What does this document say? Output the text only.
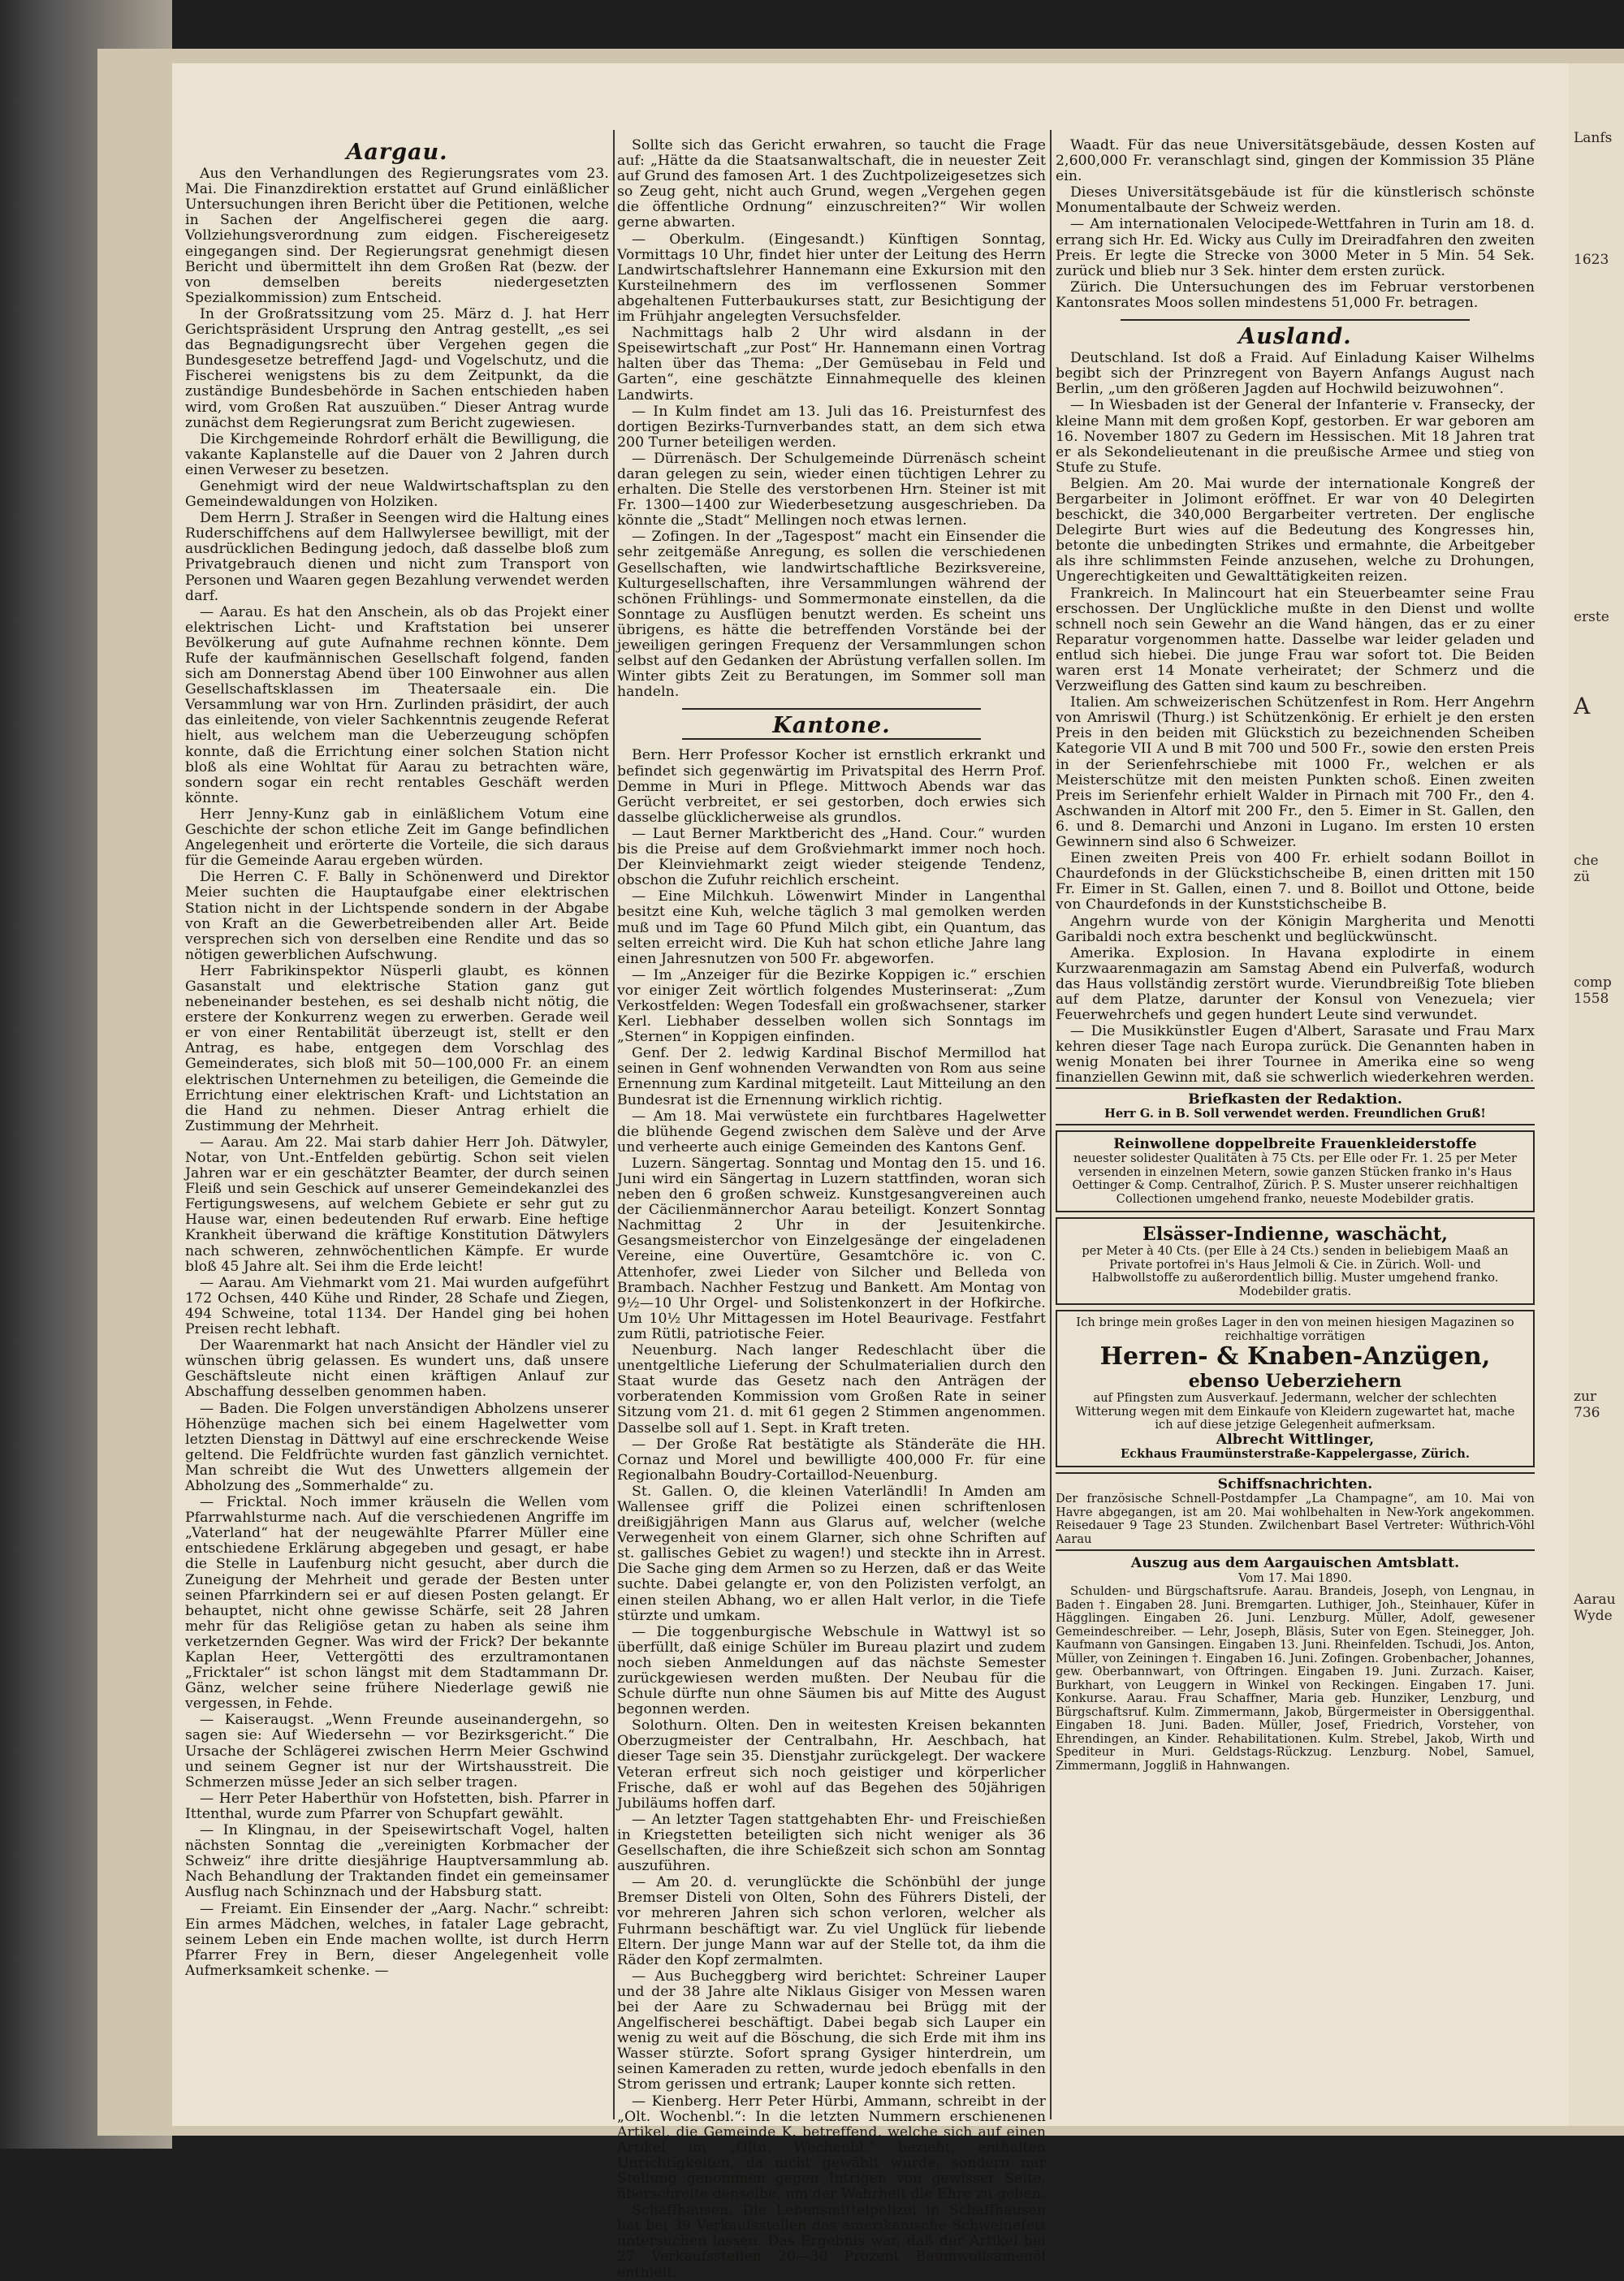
Aargau.

Aus den Verhandlungen des Regierungsrates vom 23. Mai. Die Finanzdirektion erstattet auf Grund einläßlicher Untersuchungen ihren Bericht über die Petitionen, welche in Sachen der Angelfischerei gegen die aarg. Vollziehungsverordnung zum eidgen. Fischereigesetz eingegangen sind. Der Regierungsrat genehmigt diesen Bericht und übermittelt ihn dem Großen Rat (bezw. der von demselben bereits niedergesetzten Spezialkommission) zum Entscheid.

In der Großratssitzung vom 25. März d. J. hat Herr Gerichtspräsident Ursprung den Antrag gestellt, „es sei das Begnadigungsrecht über Vergehen gegen die Bundesgesetze betreffend Jagd- und Vogelschutz, und die Fischerei wenigstens bis zu dem Zeitpunkt, da die zuständige Bundesbehörde in Sachen entschieden haben wird, vom Großen Rat auszuüben.“ Dieser Antrag wurde zunächst dem Regierungsrat zum Bericht zugewiesen.

Die Kirchgemeinde Rohrdorf erhält die Bewilligung, die vakante Kaplanstelle auf die Dauer von 2 Jahren durch einen Verweser zu besetzen.

Genehmigt wird der neue Waldwirtschaftsplan zu den Gemeindewaldungen von Holziken.

Dem Herrn J. Straßer in Seengen wird die Haltung eines Ruderschiffchens auf dem Hallwylersee bewilligt, mit der ausdrücklichen Bedingung jedoch, daß dasselbe bloß zum Privatgebrauch dienen und nicht zum Transport von Personen und Waaren gegen Bezahlung verwendet werden darf.

— Aarau. Es hat den Anschein, als ob das Projekt einer elektrischen Licht- und Kraftstation bei unserer Bevölkerung auf gute Aufnahme rechnen könnte. Dem Rufe der kaufmännischen Gesellschaft folgend, fanden sich am Donnerstag Abend über 100 Einwohner aus allen Gesellschaftsklassen im Theatersaale ein. Die Versammlung war von Hrn. Zurlinden präsidirt, der auch das einleitende, von vieler Sachkenntnis zeugende Referat hielt, aus welchem man die Ueberzeugung schöpfen konnte, daß die Errichtung einer solchen Station nicht bloß als eine Wohltat für Aarau zu betrachten wäre, sondern sogar ein recht rentables Geschäft werden könnte.

Herr Jenny-Kunz gab in einläßlichem Votum eine Geschichte der schon etliche Zeit im Gange befindlichen Angelegenheit und erörterte die Vorteile, die sich daraus für die Gemeinde Aarau ergeben würden.

Die Herren C. F. Bally in Schönenwerd und Direktor Meier suchten die Hauptaufgabe einer elektrischen Station nicht in der Lichtspende sondern in der Abgabe von Kraft an die Gewerbetreibenden aller Art. Beide versprechen sich von derselben eine Rendite und das so nötigen gewerblichen Aufschwung.

Herr Fabrikinspektor Nüsperli glaubt, es können Gasanstalt und elektrische Station ganz gut nebeneinander bestehen, es sei deshalb nicht nötig, die erstere der Konkurrenz wegen zu erwerben. Gerade weil er von einer Rentabilität überzeugt ist, stellt er den Antrag, es habe, entgegen dem Vorschlag des Gemeinderates, sich bloß mit 50—100,000 Fr. an einem elektrischen Unternehmen zu beteiligen, die Gemeinde die Errichtung einer elektrischen Kraft- und Lichtstation an die Hand zu nehmen. Dieser Antrag erhielt die Zustimmung der Mehrheit.

— Aarau. Am 22. Mai starb dahier Herr Joh. Dätwyler, Notar, von Unt.-Entfelden gebürtig. Schon seit vielen Jahren war er ein geschätzter Beamter, der durch seinen Fleiß und sein Geschick auf unserer Gemeindekanzlei des Fertigungswesens, auf welchem Gebiete er sehr gut zu Hause war, einen bedeutenden Ruf erwarb. Eine heftige Krankheit überwand die kräftige Konstitution Dätwylers nach schweren, zehnwöchentlichen Kämpfe. Er wurde bloß 45 Jahre alt. Sei ihm die Erde leicht!

— Aarau. Am Viehmarkt vom 21. Mai wurden aufgeführt 172 Ochsen, 440 Kühe und Rinder, 28 Schafe und Ziegen, 494 Schweine, total 1134. Der Handel ging bei hohen Preisen recht lebhaft.

Der Waarenmarkt hat nach Ansicht der Händler viel zu wünschen übrig gelassen. Es wundert uns, daß unsere Geschäftsleute nicht einen kräftigen Anlauf zur Abschaffung desselben genommen haben.

— Baden. Die Folgen unverständigen Abholzens unserer Höhenzüge machen sich bei einem Hagelwetter vom letzten Dienstag in Dättwyl auf eine erschreckende Weise geltend. Die Feldfrüchte wurden fast gänzlich vernichtet. Man schreibt die Wut des Unwetters allgemein der Abholzung des „Sommerhalde“ zu.

— Fricktal. Noch immer kräuseln die Wellen vom Pfarrwahlsturme nach. Auf die verschiedenen Angriffe im „Vaterland“ hat der neugewählte Pfarrer Müller eine entschiedene Erklärung abgegeben und gesagt, er habe die Stelle in Laufenburg nicht gesucht, aber durch die Zuneigung der Mehrheit und gerade der Besten unter seinen Pfarrkindern sei er auf diesen Posten gelangt. Er behauptet, nicht ohne gewisse Schärfe, seit 28 Jahren mehr für das Religiöse getan zu haben als seine ihm verketzernden Gegner. Was wird der Frick? Der bekannte Kaplan Heer, Vettergötti des erzultramontanen „Fricktaler“ ist schon längst mit dem Stadtammann Dr. Gänz, welcher seine frühere Niederlage gewiß nie vergessen, in Fehde.

— Kaiseraugst. „Wenn Freunde auseinandergehn, so sagen sie: Auf Wiedersehn — vor Bezirksgericht.“ Die Ursache der Schlägerei zwischen Herrn Meier Gschwind und seinem Gegner ist nur der Wirtshausstreit. Die Schmerzen müsse Jeder an sich selber tragen.

— Herr Peter Haberthür von Hofstetten, bish. Pfarrer in Ittenthal, wurde zum Pfarrer von Schupfart gewählt.

— In Klingnau, in der Speisewirtschaft Vogel, halten nächsten Sonntag die „vereinigten Korbmacher der Schweiz“ ihre dritte diesjährige Hauptversammlung ab. Nach Behandlung der Traktanden findet ein gemeinsamer Ausflug nach Schinznach und der Habsburg statt.

— Freiamt. Ein Einsender der „Aarg. Nachr.“ schreibt: Ein armes Mädchen, welches, in fataler Lage gebracht, seinem Leben ein Ende machen wollte, ist durch Herrn Pfarrer Frey in Bern, dieser Angelegenheit volle Aufmerksamkeit schenke. —

Sollte sich das Gericht erwahren, so taucht die Frage auf: „Hätte da die Staatsanwaltschaft, die in neuester Zeit auf Grund des famosen Art. 1 des Zuchtpolizeigesetzes sich so Zeug geht, nicht auch Grund, wegen „Vergehen gegen die öffentliche Ordnung“ einzuschreiten?“ Wir wollen gerne abwarten.

— Oberkulm. (Eingesandt.) Künftigen Sonntag, Vormittags 10 Uhr, findet hier unter der Leitung des Herrn Landwirtschaftslehrer Hannemann eine Exkursion mit den Kursteilnehmern des im verflossenen Sommer abgehaltenen Futterbaukurses statt, zur Besichtigung der im Frühjahr angelegten Versuchsfelder.

Nachmittags halb 2 Uhr wird alsdann in der Speisewirtschaft „zur Post“ Hr. Hannemann einen Vortrag halten über das Thema: „Der Gemüsebau in Feld und Garten“, eine geschätzte Einnahmequelle des kleinen Landwirts.

— In Kulm findet am 13. Juli das 16. Preisturnfest des dortigen Bezirks-Turnverbandes statt, an dem sich etwa 200 Turner beteiligen werden.

— Dürrenäsch. Der Schulgemeinde Dürrenäsch scheint daran gelegen zu sein, wieder einen tüchtigen Lehrer zu erhalten. Die Stelle des verstorbenen Hrn. Steiner ist mit Fr. 1300—1400 zur Wiederbesetzung ausgeschrieben. Da könnte die „Stadt“ Mellingen noch etwas lernen.

— Zofingen. In der „Tagespost“ macht ein Einsender die sehr zeitgemäße Anregung, es sollen die verschiedenen Gesellschaften, wie landwirtschaftliche Bezirksvereine, Kulturgesellschaften, ihre Versammlungen während der schönen Frühlings- und Sommermonate einstellen, da die Sonntage zu Ausflügen benutzt werden. Es scheint uns übrigens, es hätte die betreffenden Vorstände bei der jeweiligen geringen Frequenz der Versammlungen schon selbst auf den Gedanken der Abrüstung verfallen sollen. Im Winter gibts Zeit zu Beratungen, im Sommer soll man handeln.

Kantone.

Bern. Herr Professor Kocher ist ernstlich erkrankt und befindet sich gegenwärtig im Privatspital des Herrn Prof. Demme in Muri in Pflege. Mittwoch Abends war das Gerücht verbreitet, er sei gestorben, doch erwies sich dasselbe glücklicherweise als grundlos.

— Laut Berner Marktbericht des „Hand. Cour.“ wurden bis die Preise auf dem Großviehmarkt immer noch hoch. Der Kleinviehmarkt zeigt wieder steigende Tendenz, obschon die Zufuhr reichlich erscheint.

— Eine Milchkuh. Löwenwirt Minder in Langenthal besitzt eine Kuh, welche täglich 3 mal gemolken werden muß und im Tage 60 Pfund Milch gibt, ein Quantum, das selten erreicht wird. Die Kuh hat schon etliche Jahre lang einen Jahresnutzen von 500 Fr. abgeworfen.

— Im „Anzeiger für die Bezirke Koppigen ic.“ erschien vor einiger Zeit wörtlich folgendes Musterinserat: „Zum Verkostfelden: Wegen Todesfall ein großwachsener, starker Kerl. Liebhaber desselben wollen sich Sonntags im „Sternen“ in Koppigen einfinden.

Genf. Der 2. ledwig Kardinal Bischof Mermillod hat seinen in Genf wohnenden Verwandten von Rom aus seine Ernennung zum Kardinal mitgeteilt. Laut Mitteilung an den Bundesrat ist die Ernennung wirklich richtig.

— Am 18. Mai verwüstete ein furchtbares Hagelwetter die blühende Gegend zwischen dem Salève und der Arve und verheerte auch einige Gemeinden des Kantons Genf.

Luzern. Sängertag. Sonntag und Montag den 15. und 16. Juni wird ein Sängertag in Luzern stattfinden, woran sich neben den 6 großen schweiz. Kunstgesangvereinen auch der Cäcilienmännerchor Aarau beteiligt. Konzert Sonntag Nachmittag 2 Uhr in der Jesuitenkirche. Gesangsmeisterchor von Einzelgesänge der eingeladenen Vereine, eine Ouvertüre, Gesamtchöre ic. von C. Attenhofer, zwei Lieder von Silcher und Belleda von Brambach. Nachher Festzug und Bankett. Am Montag von 9½—10 Uhr Orgel- und Solistenkonzert in der Hofkirche. Um 10½ Uhr Mittagessen im Hotel Beaurivage. Festfahrt zum Rütli, patriotische Feier.

Neuenburg. Nach langer Redeschlacht über die unentgeltliche Lieferung der Schulmaterialien durch den Staat wurde das Gesetz nach den Anträgen der vorberatenden Kommission vom Großen Rate in seiner Sitzung vom 21. d. mit 61 gegen 2 Stimmen angenommen. Dasselbe soll auf 1. Sept. in Kraft treten.

— Der Große Rat bestätigte als Ständeräte die HH. Cornaz und Morel und bewilligte 400,000 Fr. für eine Regionalbahn Boudry-Cortaillod-Neuenburg.

St. Gallen. O, die kleinen Vaterländli! In Amden am Wallensee griff die Polizei einen schriftenlosen dreißigjährigen Mann aus Glarus auf, welcher (welche Verwegenheit von einem Glarner, sich ohne Schriften auf st. gallisches Gebiet zu wagen!) und steckte ihn in Arrest. Die Sache ging dem Armen so zu Herzen, daß er das Weite suchte. Dabei gelangte er, von den Polizisten verfolgt, an einen steilen Abhang, wo er allen Halt verlor, in die Tiefe stürzte und umkam.

— Die toggenburgische Webschule in Wattwyl ist so überfüllt, daß einige Schüler im Bureau plazirt und zudem noch sieben Anmeldungen auf das nächste Semester zurückgewiesen werden mußten. Der Neubau für die Schule dürfte nun ohne Säumen bis auf Mitte des August begonnen werden.

Solothurn. Olten. Den in weitesten Kreisen bekannten Oberzugmeister der Centralbahn, Hr. Aeschbach, hat dieser Tage sein 35. Dienstjahr zurückgelegt. Der wackere Veteran erfreut sich noch geistiger und körperlicher Frische, daß er wohl auf das Begehen des 50jährigen Jubiläums hoffen darf.

— An letzter Tagen stattgehabten Ehr- und Freischießen in Kriegstetten beteiligten sich nicht weniger als 36 Gesellschaften, die ihre Schießzeit sich schon am Sonntag auszuführen.

— Am 20. d. verunglückte die Schönbühl der junge Bremser Disteli von Olten, Sohn des Führers Disteli, der vor mehreren Jahren sich schon verloren, welcher als Fuhrmann beschäftigt war. Zu viel Unglück für liebende Eltern. Der junge Mann war auf der Stelle tot, da ihm die Räder den Kopf zermalmten.

— Aus Bucheggberg wird berichtet: Schreiner Lauper und der 38 Jahre alte Niklaus Gisiger von Messen waren bei der Aare zu Schwadernau bei Brügg mit der Angelfischerei beschäftigt. Dabei begab sich Lauper ein wenig zu weit auf die Böschung, die sich Erde mit ihm ins Wasser stürzte. Sofort sprang Gysiger hinterdrein, um seinen Kameraden zu retten, wurde jedoch ebenfalls in den Strom gerissen und ertrank; Lauper konnte sich retten.

— Kienberg. Herr Peter Hürbi, Ammann, schreibt in der „Olt. Wochenbl.“: In die letzten Nummern erschienenen Artikel, die Gemeinde K. betreffend, welche sich auf einen Artikel im „Oltn. Wochenbl.“ bezieht, enthalten Unrichtigkeiten, da nicht gewählt wurde, sondern nur Stellung genommen gegen Intrigen von gewisser Seite, überschreite denselbe, um der Wahrheit die Ehre zu geben.

Schaffhausen. Die Lebensmittelpolizei in Schaffhausen hat bei 39 Verkaufsstellen das amerikanische Schweinefett untersuchen lassen. Das Ergebnis war, daß der Artikel bei 27 Verkaufsstellen 20—30 Prozent Baumwollsamenöl enthielt.

Waadt. Für das neue Universitätsgebäude, dessen Kosten auf 2,600,000 Fr. veranschlagt sind, gingen der Kommission 35 Pläne ein.

Dieses Universitätsgebäude ist für die künstlerisch schönste Monumentalbaute der Schweiz werden.

— Am internationalen Velocipede-Wettfahren in Turin am 18. d. errang sich Hr. Ed. Wicky aus Cully im Dreiradfahren den zweiten Preis. Er legte die Strecke von 3000 Meter in 5 Min. 54 Sek. zurück und blieb nur 3 Sek. hinter dem ersten zurück.

Zürich. Die Untersuchungen des im Februar verstorbenen Kantonsrates Moos sollen mindestens 51,000 Fr. betragen.

Ausland.

Deutschland. Ist doß a Fraid. Auf Einladung Kaiser Wilhelms begibt sich der Prinzregent von Bayern Anfangs August nach Berlin, „um den größeren Jagden auf Hochwild beizuwohnen“.

— In Wiesbaden ist der General der Infanterie v. Fransecky, der kleine Mann mit dem großen Kopf, gestorben. Er war geboren am 16. November 1807 zu Gedern im Hessischen. Mit 18 Jahren trat er als Sekondelieutenant in die preußische Armee und stieg von Stufe zu Stufe.

Belgien. Am 20. Mai wurde der internationale Kongreß der Bergarbeiter in Jolimont eröffnet. Er war von 40 Delegirten beschickt, die 340,000 Bergarbeiter vertreten. Der englische Delegirte Burt wies auf die Bedeutung des Kongresses hin, betonte die unbedingten Strikes und ermahnte, die Arbeitgeber als ihre schlimmsten Feinde anzusehen, welche zu Drohungen, Ungerechtigkeiten und Gewalttätigkeiten reizen.

Frankreich. In Malincourt hat ein Steuerbeamter seine Frau erschossen. Der Unglückliche mußte in den Dienst und wollte schnell noch sein Gewehr an die Wand hängen, das er zu einer Reparatur vorgenommen hatte. Dasselbe war leider geladen und entlud sich hiebei. Die junge Frau war sofort tot. Die Beiden waren erst 14 Monate verheiratet; der Schmerz und die Verzweiflung des Gatten sind kaum zu beschreiben.

Italien. Am schweizerischen Schützenfest in Rom. Herr Angehrn von Amriswil (Thurg.) ist Schützenkönig. Er erhielt je den ersten Preis in den beiden mit Glückstich zu bezeichnenden Scheiben Kategorie VII A und B mit 700 und 500 Fr., sowie den ersten Preis in der Serienfehrschiebe mit 1000 Fr., welchen er als Meisterschütze mit den meisten Punkten schoß. Einen zweiten Preis im Serienfehr erhielt Walder in Pirnach mit 700 Fr., den 4. Aschwanden in Altorf mit 200 Fr., den 5. Eimer in St. Gallen, den 6. und 8. Demarchi und Anzoni in Lugano. Im ersten 10 ersten Gewinnern sind also 6 Schweizer.

Einen zweiten Preis von 400 Fr. erhielt sodann Boillot in Chaurdefonds in der Glückstichscheibe B, einen dritten mit 150 Fr. Eimer in St. Gallen, einen 7. und 8. Boillot und Ottone, beide von Chaurdefonds in der Kunststichscheibe B.

Angehrn wurde von der Königin Margherita und Menotti Garibaldi noch extra beschenkt und beglückwünscht.

Amerika. Explosion. In Havana explodirte in einem Kurzwaarenmagazin am Samstag Abend ein Pulverfaß, wodurch das Haus vollständig zerstört wurde. Vierundbreißig Tote blieben auf dem Platze, darunter der Konsul von Venezuela; vier Feuerwehrchefs und gegen hundert Leute sind verwundet.

— Die Musikkünstler Eugen d'Albert, Sarasate und Frau Marx kehren dieser Tage nach Europa zurück. Die Genannten haben in wenig Monaten bei ihrer Tournee in Amerika eine so weng finanziellen Gewinn mit, daß sie schwerlich wiederkehren werden.

Briefkasten der Redaktion.
Herr G. in B. Soll verwendet werden. Freundlichen Gruß!
Reinwollene doppelbreite Frauenkleiderstoffe
neuester solidester Qualitäten à 75 Cts. per Elle oder Fr. 1. 25 per Meter versenden in einzelnen Metern, sowie ganzen Stücken franko in's Haus Oettinger & Comp. Centralhof, Zürich. P. S. Muster unserer reichhaltigen Collectionen umgehend franko, neueste Modebilder gratis.
Elsässer-Indienne, waschächt,
per Meter à 40 Cts. (per Elle à 24 Cts.) senden in beliebigem Maaß an Private portofrei in's Haus Jelmoli & Cie. in Zürich. Woll- und Halbwollstoffe zu außerordentlich billig. Muster umgehend franko. Modebilder gratis.
Ich bringe mein großes Lager in den von meinen hiesigen Magazinen so reichhaltige vorrätigen
Herren- & Knaben-Anzügen,
ebenso Ueberziehern
auf Pfingsten zum Ausverkauf. Jedermann, welcher der schlechten Witterung wegen mit dem Einkaufe von Kleidern zugewartet hat, mache ich auf diese jetzige Gelegenheit aufmerksam.
Albrecht Wittlinger,
Eckhaus Fraumünsterstraße-Kappelergasse, Zürich.
Schiffsnachrichten.
Der französische Schnell-Postdampfer „La Champagne“, am 10. Mai von Havre abgegangen, ist am 20. Mai wohlbehalten in New-York angekommen. Reisedauer 9 Tage 23 Stunden. Zwilchenbart Basel Vertreter: Wüthrich-Vöhl Aarau
Auszug aus dem Aargauischen Amtsblatt.
Vom 17. Mai 1890.

Schulden- und Bürgschaftsrufe. Aarau. Brandeis, Joseph, von Lengnau, in Baden †. Eingaben 28. Juni. Bremgarten. Luthiger, Joh., Steinhauer, Küfer in Hägglingen. Eingaben 26. Juni. Lenzburg. Müller, Adolf, gewesener Gemeindeschreiber. — Lehr, Joseph, Bläsis, Suter von Egen. Steinegger, Joh. Kaufmann von Gansingen. Eingaben 13. Juni. Rheinfelden. Tschudi, Jos. Anton, Müller, von Zeiningen †. Eingaben 16. Juni. Zofingen. Grobenbacher, Johannes, gew. Oberbannwart, von Oftringen. Eingaben 19. Juni. Zurzach. Kaiser, Burkhart, von Leuggern in Winkel von Reckingen. Eingaben 17. Juni. Konkurse. Aarau. Frau Schaffner, Maria geb. Hunziker, Lenzburg, und Bürgschaftsruf. Kulm. Zimmermann, Jakob, Bürgermeister in Obersiggenthal. Eingaben 18. Juni. Baden. Müller, Josef, Friedrich, Vorsteher, von Ehrendingen, an Kinder. Rehabilitationen. Kulm. Strebel, Jakob, Wirth und Spediteur in Muri. Geldstags-Rückzug. Lenzburg. Nobel, Samuel, Zimmermann, Joggliß in Hahnwangen.

Lanfs
1623
erste
A
che
zü
comp
1558
zur
736
Aarau
Wyde
